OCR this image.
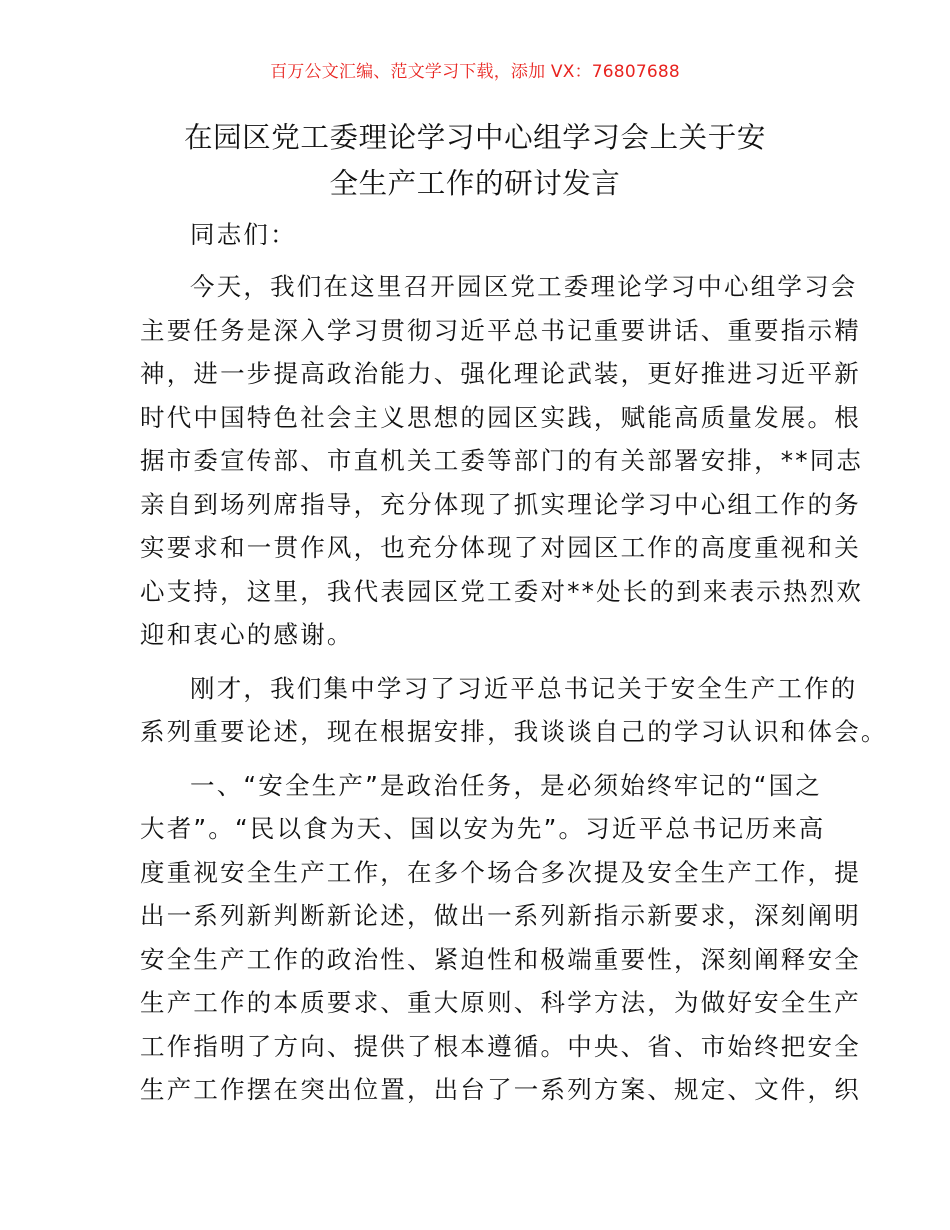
百万公文汇编、范文学习下载，添加 VX：76807688
在园区党工委理论学习中心组学习会上关于安
全生产工作的研讨发言
同志们：
今天，我们在这里召开园区党工委理论学习中心组学习会
主要任务是深入学习贯彻习近平总书记重要讲话、重要指示精
神，进一步提高政治能力、强化理论武装，更好推进习近平新
时代中国特色社会主义思想的园区实践，赋能高质量发展。根
据市委宣传部、市直机关工委等部门的有关部署安排，**同志
亲自到场列席指导，充分体现了抓实理论学习中心组工作的务
实要求和一贯作风，也充分体现了对园区工作的高度重视和关
心支持，这里，我代表园区党工委对**处长的到来表示热烈欢
迎和衷心的感谢。
刚才，我们集中学习了习近平总书记关于安全生产工作的
系列重要论述，现在根据安排，我谈谈自己的学习认识和体会。
一、“安全生产”是政治任务，是必须始终牢记的“国之
大者”。“民以食为天、国以安为先”。习近平总书记历来高
度重视安全生产工作，在多个场合多次提及安全生产工作，提
出一系列新判断新论述，做出一系列新指示新要求，深刻阐明
安全生产工作的政治性、紧迫性和极端重要性，深刻阐释安全
生产工作的本质要求、重大原则、科学方法，为做好安全生产
工作指明了方向、提供了根本遵循。中央、省、市始终把安全
生产工作摆在突出位置，出台了一系列方案、规定、文件，织
